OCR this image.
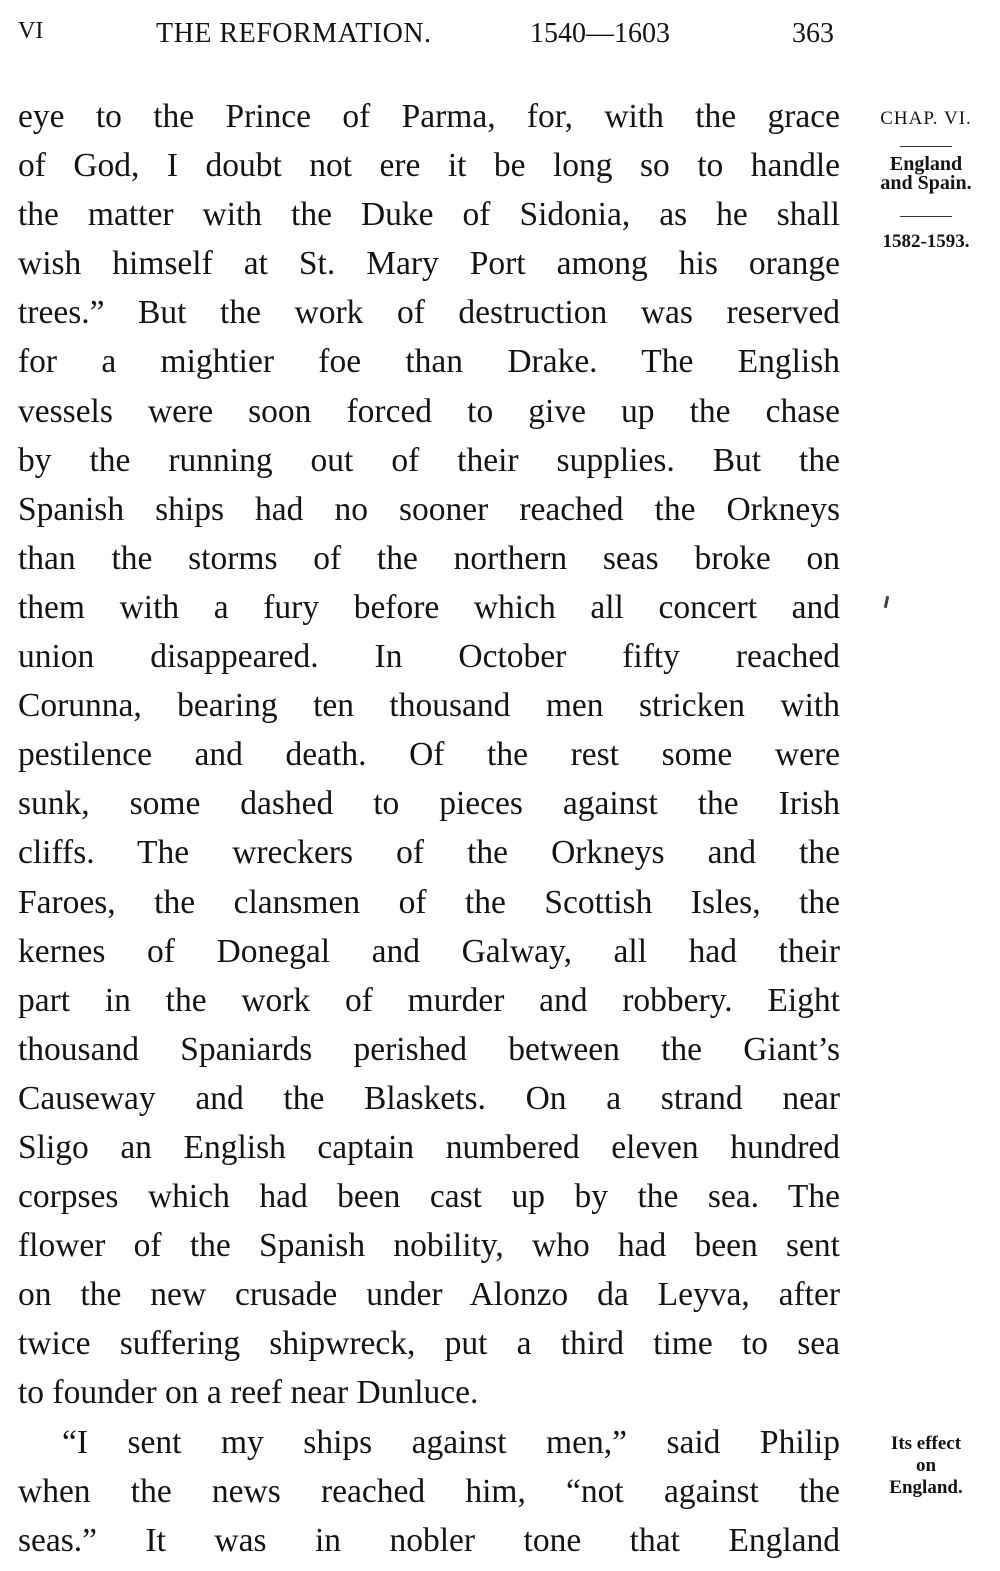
VI	THE REFORMATION.	1540—1603	363
eye to the Prince of Parma, for, with the grace
of God, I doubt not ere it be long so to handle
the matter with the Duke of Sidonia, as he shall
wish himself at St. Mary Port among his orange
trees.” But the work of destruction was reserved
for a mightier foe than Drake. The English
vessels were soon forced to give up the chase
by the running out of their supplies. But the
Spanish ships had no sooner reached the Orkneys
than the storms of the northern seas broke on
them with a fury before which all concert and
union disappeared. In October fifty reached
Corunna, bearing ten thousand men stricken with
pestilence and death. Of the rest some were
sunk, some dashed to pieces against the Irish
cliffs. The wreckers of the Orkneys and the
Faroes, the clansmen of the Scottish Isles, the
kernes of Donegal and Galway, all had their
part in the work of murder and robbery. Eight
thousand Spaniards perished between the Giant’s
Causeway and the Blaskets. On a strand near
Sligo an English captain numbered eleven hundred
corpses which had been cast up by the sea. The
flower of the Spanish nobility, who had been sent
on the new crusade under Alonzo da Leyva, after
twice suffering shipwreck, put a third time to sea
to founder on a reef near Dunluce.
“I sent my ships against men,” said Philip
when the news reached him, “not against the
seas.” It was in nobler tone that England
CHAP. VI.
England
and Spain.
1582-1593.
Its effect
on
England.
